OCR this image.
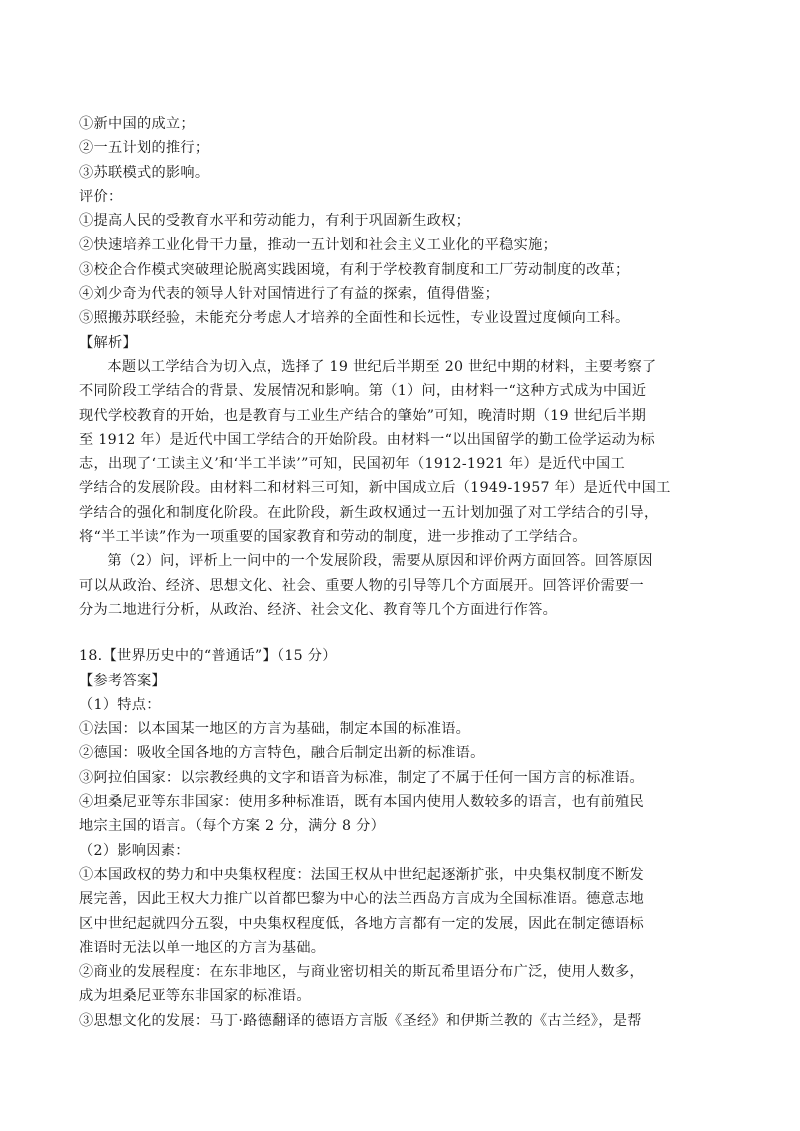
①新中国的成立；
②一五计划的推行；
③苏联模式的影响。
评价：
①提高人民的受教育水平和劳动能力，有利于巩固新生政权；
②快速培养工业化骨干力量，推动一五计划和社会主义工业化的平稳实施；
③校企合作模式突破理论脱离实践困境，有利于学校教育制度和工厂劳动制度的改革；
④刘少奇为代表的领导人针对国情进行了有益的探索，值得借鉴；
⑤照搬苏联经验，未能充分考虑人才培养的全面性和长远性，专业设置过度倾向工科。
【解析】
本题以工学结合为切入点，选择了 19 世纪后半期至 20 世纪中期的材料，主要考察了
不同阶段工学结合的背景、发展情况和影响。第（1）问，由材料一“这种方式成为中国近
现代学校教育的开始，也是教育与工业生产结合的肇始”可知，晚清时期（19 世纪后半期
至 1912 年）是近代中国工学结合的开始阶段。由材料一“以出国留学的勤工俭学运动为标
志，出现了‘工读主义’和‘半工半读’”可知，民国初年（1912-1921 年）是近代中国工
学结合的发展阶段。由材料二和材料三可知，新中国成立后（1949-1957 年）是近代中国工
学结合的强化和制度化阶段。在此阶段，新生政权通过一五计划加强了对工学结合的引导，
将“半工半读”作为一项重要的国家教育和劳动的制度，进一步推动了工学结合。
第（2）问，评析上一问中的一个发展阶段，需要从原因和评价两方面回答。回答原因
可以从政治、经济、思想文化、社会、重要人物的引导等几个方面展开。回答评价需要一
分为二地进行分析，从政治、经济、社会文化、教育等几个方面进行作答。
18.【世界历史中的“普通话”】（15 分）
【参考答案】
（1）特点：
①法国：以本国某一地区的方言为基础，制定本国的标准语。
②德国：吸收全国各地的方言特色，融合后制定出新的标准语。
③阿拉伯国家：以宗教经典的文字和语音为标准，制定了不属于任何一国方言的标准语。
④坦桑尼亚等东非国家：使用多种标准语，既有本国内使用人数较多的语言，也有前殖民
地宗主国的语言。（每个方案 2 分，满分 8 分）
（2）影响因素：
①本国政权的势力和中央集权程度：法国王权从中世纪起逐渐扩张，中央集权制度不断发
展完善，因此王权大力推广以首都巴黎为中心的法兰西岛方言成为全国标准语。德意志地
区中世纪起就四分五裂，中央集权程度低，各地方言都有一定的发展，因此在制定德语标
准语时无法以单一地区的方言为基础。
②商业的发展程度：在东非地区，与商业密切相关的斯瓦希里语分布广泛，使用人数多，
成为坦桑尼亚等东非国家的标准语。
③思想文化的发展：马丁·路德翻译的德语方言版《圣经》和伊斯兰教的《古兰经》，是帮
